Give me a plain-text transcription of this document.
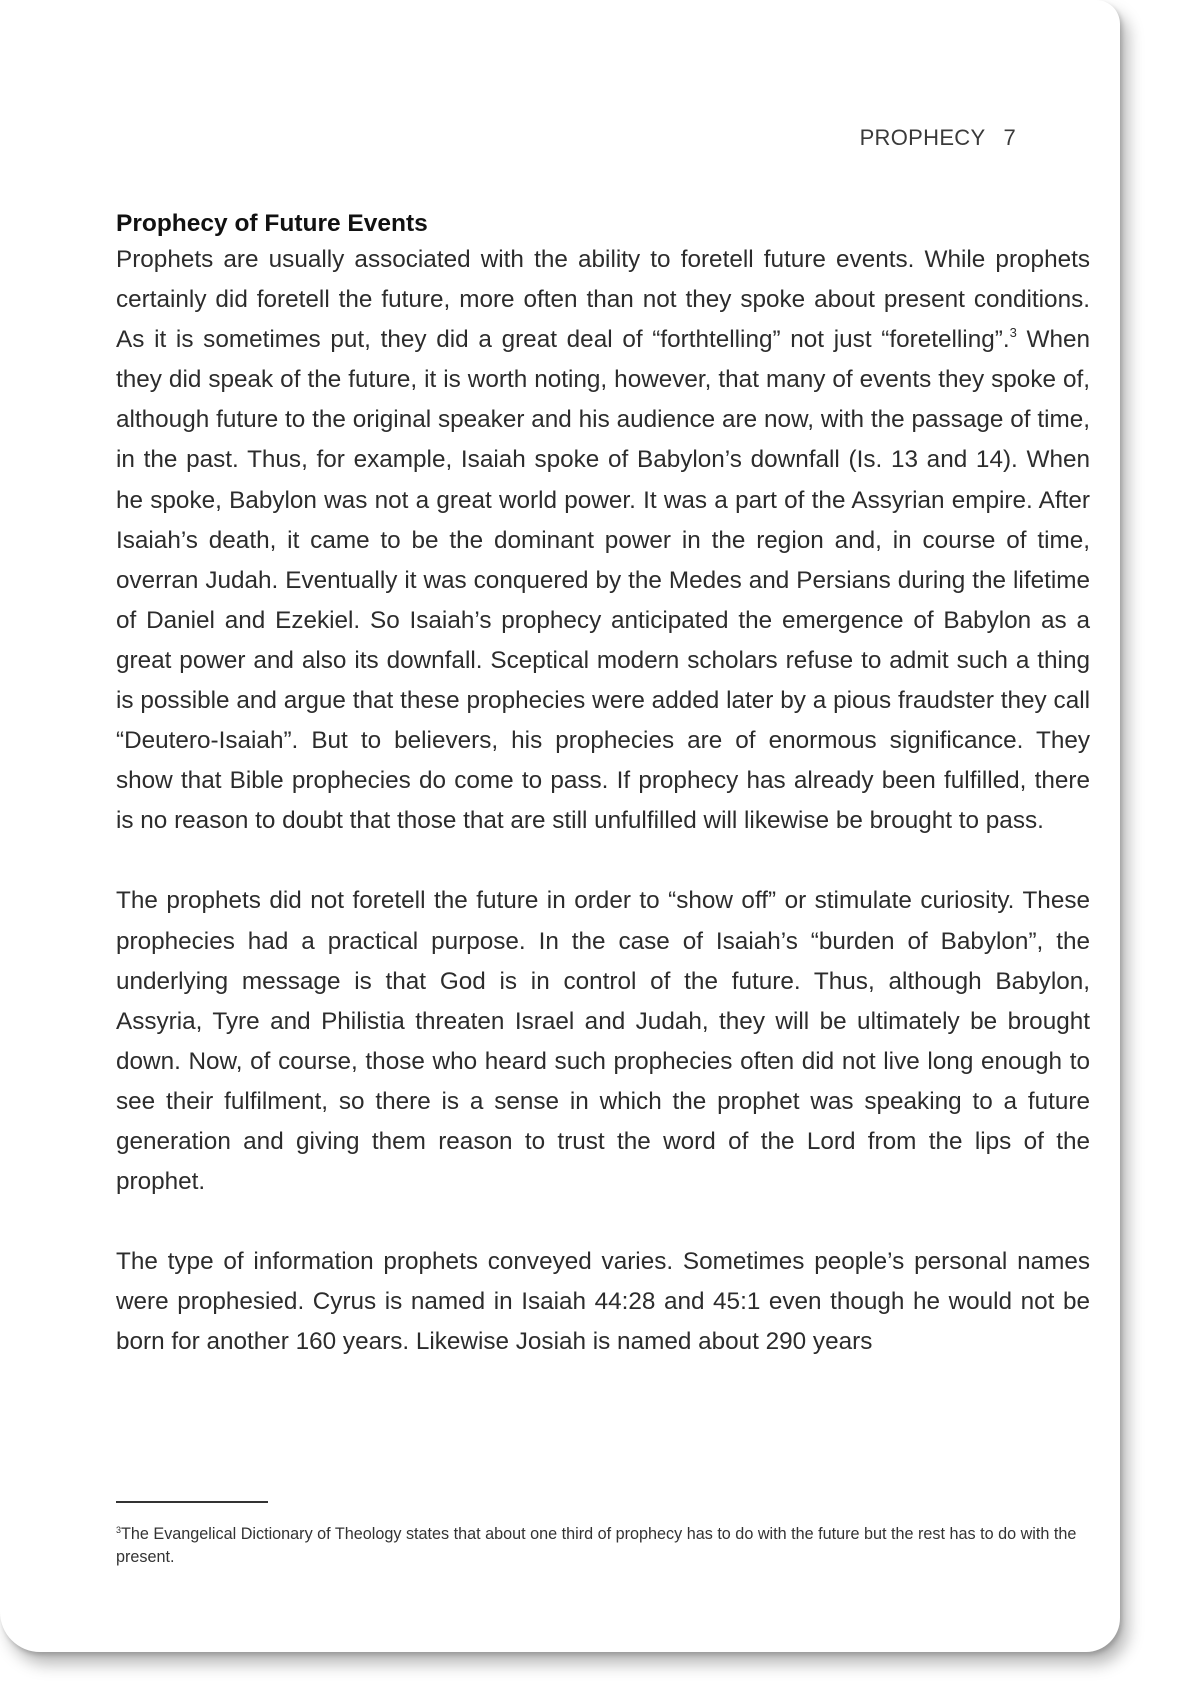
PROPHECY 7
Prophecy of Future Events

Prophets are usually associated with the ability to foretell future events. While prophets certainly did foretell the future, more often than not they spoke about present conditions. As it is sometimes put, they did a great deal of “forthtelling” not just “foretelling”.$^3$ When they did speak of the future, it is worth noting, however, that many of events they spoke of, although future to the original speaker and his audience are now, with the passage of time, in the past. Thus, for example, Isaiah spoke of Babylon’s downfall (Is. 13 and 14). When he spoke, Babylon was not a great world power. It was a part of the Assyrian empire. After Isaiah’s death, it came to be the dominant power in the region and, in course of time, overran Judah. Eventually it was conquered by the Medes and Persians during the lifetime of Daniel and Ezekiel. So Isaiah’s prophecy anticipated the emergence of Babylon as a great power and also its downfall. Sceptical modern scholars refuse to admit such a thing is possible and argue that these prophecies were added later by a pious fraudster they call “Deutero-Isaiah”. But to believers, his prophecies are of enormous significance. They show that Bible prophecies do come to pass. If prophecy has already been fulfilled, there is no reason to doubt that those that are still unfulfilled will likewise be brought to pass.

The prophets did not foretell the future in order to “show off” or stimulate curiosity. These prophecies had a practical purpose. In the case of Isaiah’s “burden of Babylon”, the underlying message is that God is in control of the future. Thus, although Babylon, Assyria, Tyre and Philistia threaten Israel and Judah, they will be ultimately be brought down. Now, of course, those who heard such prophecies often did not live long enough to see their fulfilment, so there is a sense in which the prophet was speaking to a future generation and giving them reason to trust the word of the Lord from the lips of the prophet.

The type of information prophets conveyed varies. Sometimes people’s personal names were prophesied. Cyrus is named in Isaiah 44:28 and 45:1 even though he would not be born for another 160 years. Likewise Josiah is named about 290 years

$^3$The Evangelical Dictionary of Theology states that about one third of prophecy has to do with the future but the rest has to do with the present.
